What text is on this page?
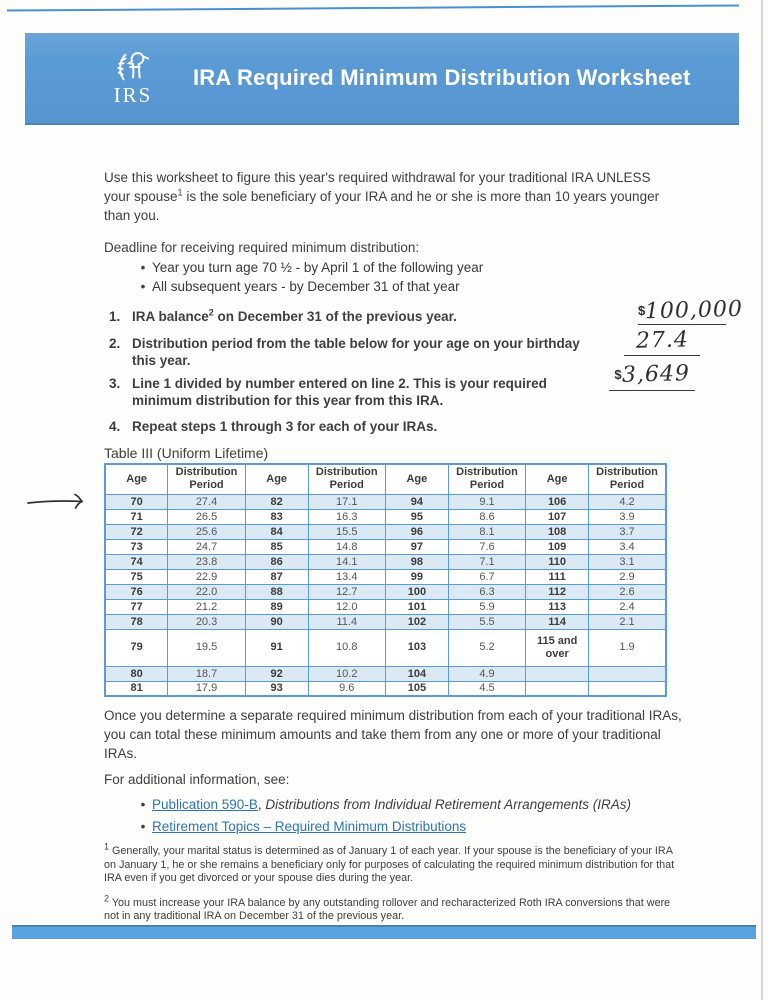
IRS
IRA Required Minimum Distribution Worksheet

Use this worksheet to figure this year's required withdrawal for your traditional IRA UNLESS your spouse$^1$ is the sole beneficiary of your IRA and he or she is more than 10 years younger than you.

Deadline for receiving required minimum distribution:

• Year you turn age 70 ½ - by April 1 of the following year
• All subsequent years - by December 31 of that year
1. IRA balance$^2$ on December 31 of the previous year.
2. Distribution period from the table below for your age on your birthday this year.
3. Line 1 divided by number entered on line 2. This is your required minimum distribution for this year from this IRA.
4. Repeat steps 1 through 3 for each of your IRAs.
$100,000
27.4
$3,649
Table III (Uniform Lifetime)
Age	Distribution Period	Age	Distribution Period	Age	Distribution Period	Age	Distribution Period
70	27.4	82	17.1	94	9.1	106	4.2
71	26.5	83	16.3	95	8.6	107	3.9
72	25.6	84	15.5	96	8.1	108	3.7
73	24.7	85	14.8	97	7.6	109	3.4
74	23.8	86	14.1	98	7.1	110	3.1
75	22.9	87	13.4	99	6.7	111	2.9
76	22.0	88	12.7	100	6.3	112	2.6
77	21.2	89	12.0	101	5.9	113	2.4
78	20.3	90	11.4	102	5.5	114	2.1
79	19.5	91	10.8	103	5.2	115 and over	1.9
80	18.7	92	10.2	104	4.9		
81	17.9	93	9.6	105	4.5		

Once you determine a separate required minimum distribution from each of your traditional IRAs, you can total these minimum amounts and take them from any one or more of your traditional IRAs.

For additional information, see:

• Publication 590-B, Distributions from Individual Retirement Arrangements (IRAs)
• Retirement Topics – Required Minimum Distributions

$^1$ Generally, your marital status is determined as of January 1 of each year. If your spouse is the beneficiary of your IRA on January 1, he or she remains a beneficiary only for purposes of calculating the required minimum distribution for that IRA even if you get divorced or your spouse dies during the year.

$^2$ You must increase your IRA balance by any outstanding rollover and recharacterized Roth IRA conversions that were not in any traditional IRA on December 31 of the previous year.
